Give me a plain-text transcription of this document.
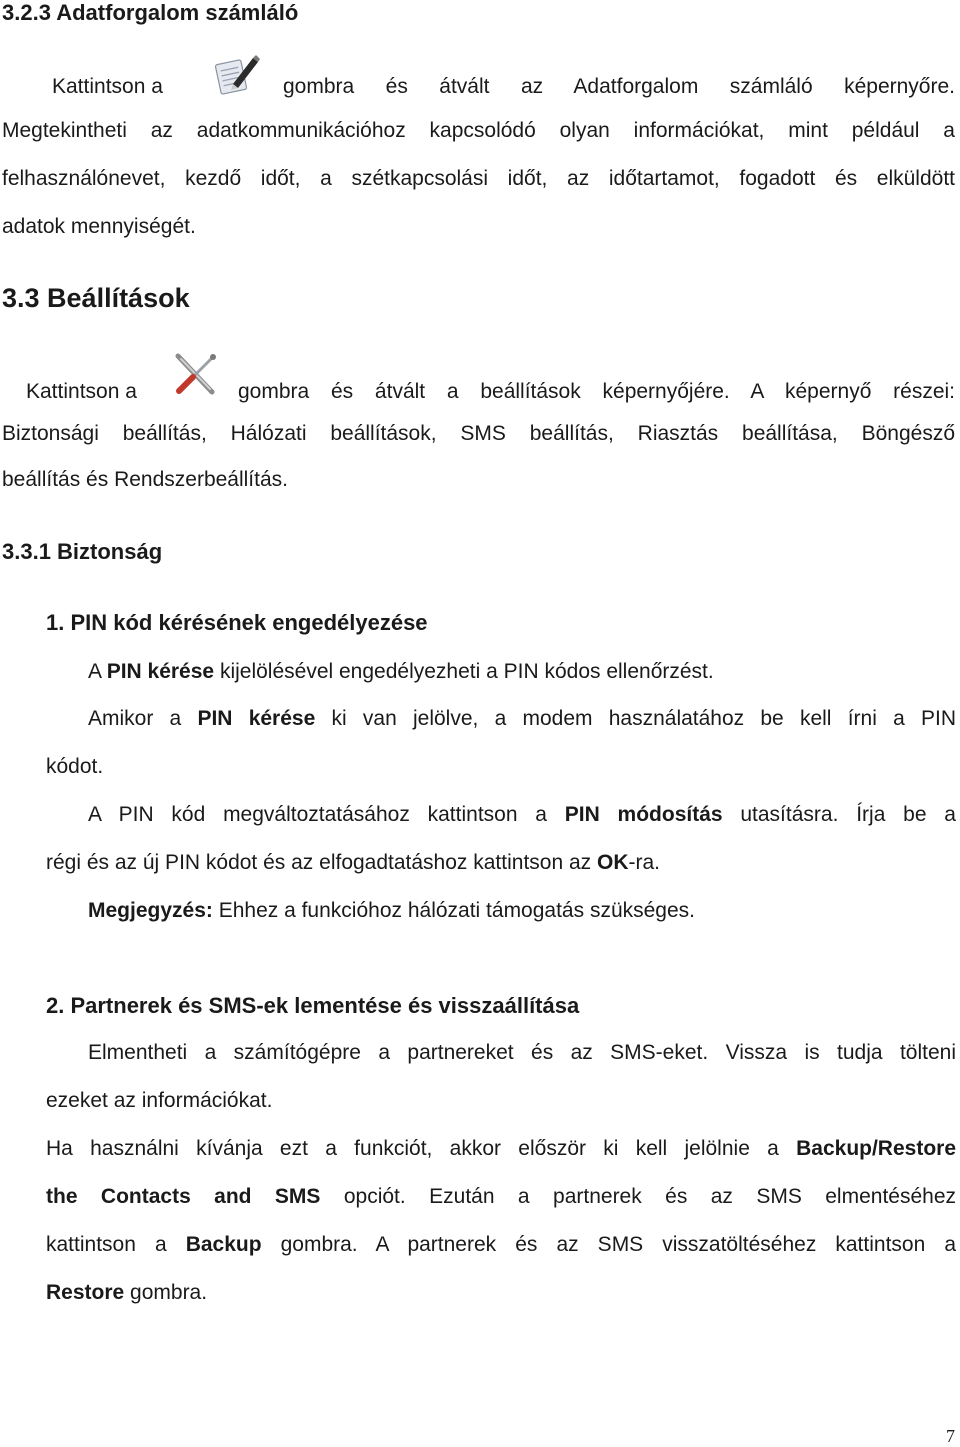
3.2.3 Adatforgalom számláló
Kattintson a	gombra és átvált az Adatforgalom számláló képernyőre.
Megtekintheti az adatkommunikációhoz kapcsolódó olyan információkat, mint például a
felhasználónevet, kezdő időt, a szétkapcsolási időt, az időtartamot, fogadott és elküldött
adatok mennyiségét.
3.3 Beállítások
Kattintson a	gombra és átvált a beállítások képernyőjére. A képernyő részei:
Biztonsági beállítás, Hálózati beállítások, SMS beállítás, Riasztás beállítása, Böngésző
beállítás és Rendszerbeállítás.
3.3.1 Biztonság
1. PIN kód kérésének engedélyezése
A PIN kérése kijelölésével engedélyezheti a PIN kódos ellenőrzést.
Amikor a PIN kérése ki van jelölve, a modem használatához be kell írni a PIN
kódot.
A PIN kód megváltoztatásához kattintson a PIN módosítás utasításra. Írja be a
régi és az új PIN kódot és az elfogadtatáshoz kattintson az OK-ra.
Megjegyzés: Ehhez a funkcióhoz hálózati támogatás szükséges.
2. Partnerek és SMS-ek lementése és visszaállítása
Elmentheti a számítógépre a partnereket és az SMS-eket. Vissza is tudja tölteni
ezeket az információkat.
Ha használni kívánja ezt a funkciót, akkor először ki kell jelölnie a Backup/Restore
the Contacts and SMS opciót. Ezután a partnerek és az SMS elmentéséhez
kattintson a Backup gombra. A partnerek és az SMS visszatöltéséhez kattintson a
Restore gombra.
7
